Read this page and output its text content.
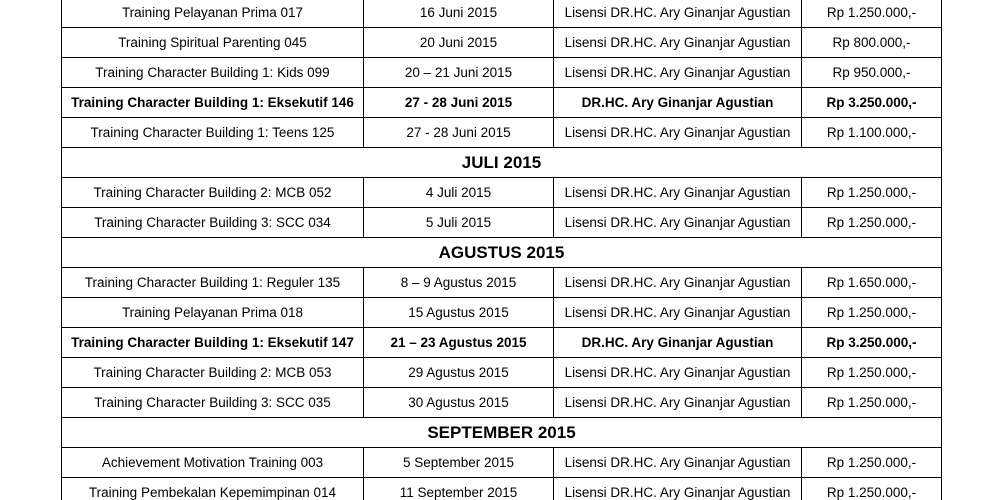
Training Pelayanan Prima 017	16 Juni 2015	Lisensi DR.HC. Ary Ginanjar Agustian	Rp 1.250.000,-
Training Spiritual Parenting 045	20 Juni 2015	Lisensi DR.HC. Ary Ginanjar Agustian	Rp 800.000,-
Training Character Building 1: Kids 099	20 – 21 Juni 2015	Lisensi DR.HC. Ary Ginanjar Agustian	Rp 950.000,-
Training Character Building 1: Eksekutif 146	27 - 28 Juni 2015	DR.HC. Ary Ginanjar Agustian	Rp 3.250.000,-
Training Character Building 1: Teens 125	27 - 28 Juni 2015	Lisensi DR.HC. Ary Ginanjar Agustian	Rp 1.100.000,-
JULI 2015			
Training Character Building 2: MCB 052	4 Juli 2015	Lisensi DR.HC. Ary Ginanjar Agustian	Rp 1.250.000,-
Training Character Building 3: SCC 034	5 Juli 2015	Lisensi DR.HC. Ary Ginanjar Agustian	Rp 1.250.000,-
AGUSTUS 2015			
Training Character Building 1: Reguler 135	8 – 9 Agustus 2015	Lisensi DR.HC. Ary Ginanjar Agustian	Rp 1.650.000,-
Training Pelayanan Prima 018	15 Agustus 2015	Lisensi DR.HC. Ary Ginanjar Agustian	Rp 1.250.000,-
Training Character Building 1: Eksekutif 147	21 – 23 Agustus 2015	DR.HC. Ary Ginanjar Agustian	Rp 3.250.000,-
Training Character Building 2: MCB 053	29 Agustus 2015	Lisensi DR.HC. Ary Ginanjar Agustian	Rp 1.250.000,-
Training Character Building 3: SCC 035	30 Agustus 2015	Lisensi DR.HC. Ary Ginanjar Agustian	Rp 1.250.000,-
SEPTEMBER 2015			
Achievement Motivation Training 003	5 September 2015	Lisensi DR.HC. Ary Ginanjar Agustian	Rp 1.250.000,-
Training Pembekalan Kepemimpinan 014	11 September 2015	Lisensi DR.HC. Ary Ginanjar Agustian	Rp 1.250.000,-
